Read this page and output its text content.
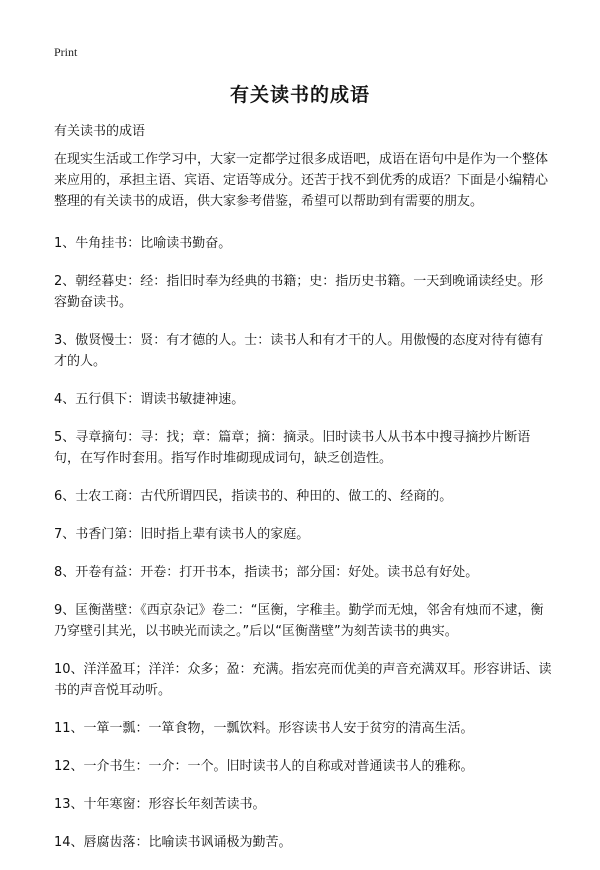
Print
有关读书的成语
有关读书的成语
在现实生活或工作学习中，大家一定都学过很多成语吧，成语在语句中是作为一个整体来应用的，承担主语、宾语、定语等成分。还苦于找不到优秀的成语？下面是小编精心整理的有关读书的成语，供大家参考借鉴，希望可以帮助到有需要的朋友。
1、牛角挂书：比喻读书勤奋。
2、朝经暮史：经：指旧时奉为经典的书籍；史：指历史书籍。一天到晚诵读经史。形容勤奋读书。
3、傲贤慢士：贤：有才德的人。士：读书人和有才干的人。用傲慢的态度对待有德有才的人。
4、五行俱下：谓读书敏捷神速。
5、寻章摘句：寻：找；章：篇章；摘：摘录。旧时读书人从书本中搜寻摘抄片断语句，在写作时套用。指写作时堆砌现成词句，缺乏创造性。
6、士农工商：古代所谓四民，指读书的、种田的、做工的、经商的。
7、书香门第：旧时指上辈有读书人的家庭。
8、开卷有益：开卷：打开书本，指读书；部分国：好处。读书总有好处。
9、匡衡凿壁：《西京杂记》卷二：“匡衡，字稚圭。勤学而无烛，邻舍有烛而不逮，衡乃穿壁引其光，以书映光而读之。”后以“匡衡凿壁”为刻苦读书的典实。
10、洋洋盈耳；洋洋：众多；盈：充满。指宏亮而优美的声音充满双耳。形容讲话、读书的声音悦耳动听。
11、一箪一瓢：一箪食物，一瓢饮料。形容读书人安于贫穷的清高生活。
12、一介书生：一介：一个。旧时读书人的自称或对普通读书人的雅称。
13、十年寒窗：形容长年刻苦读书。
14、唇腐齿落：比喻读书讽诵极为勤苦。
